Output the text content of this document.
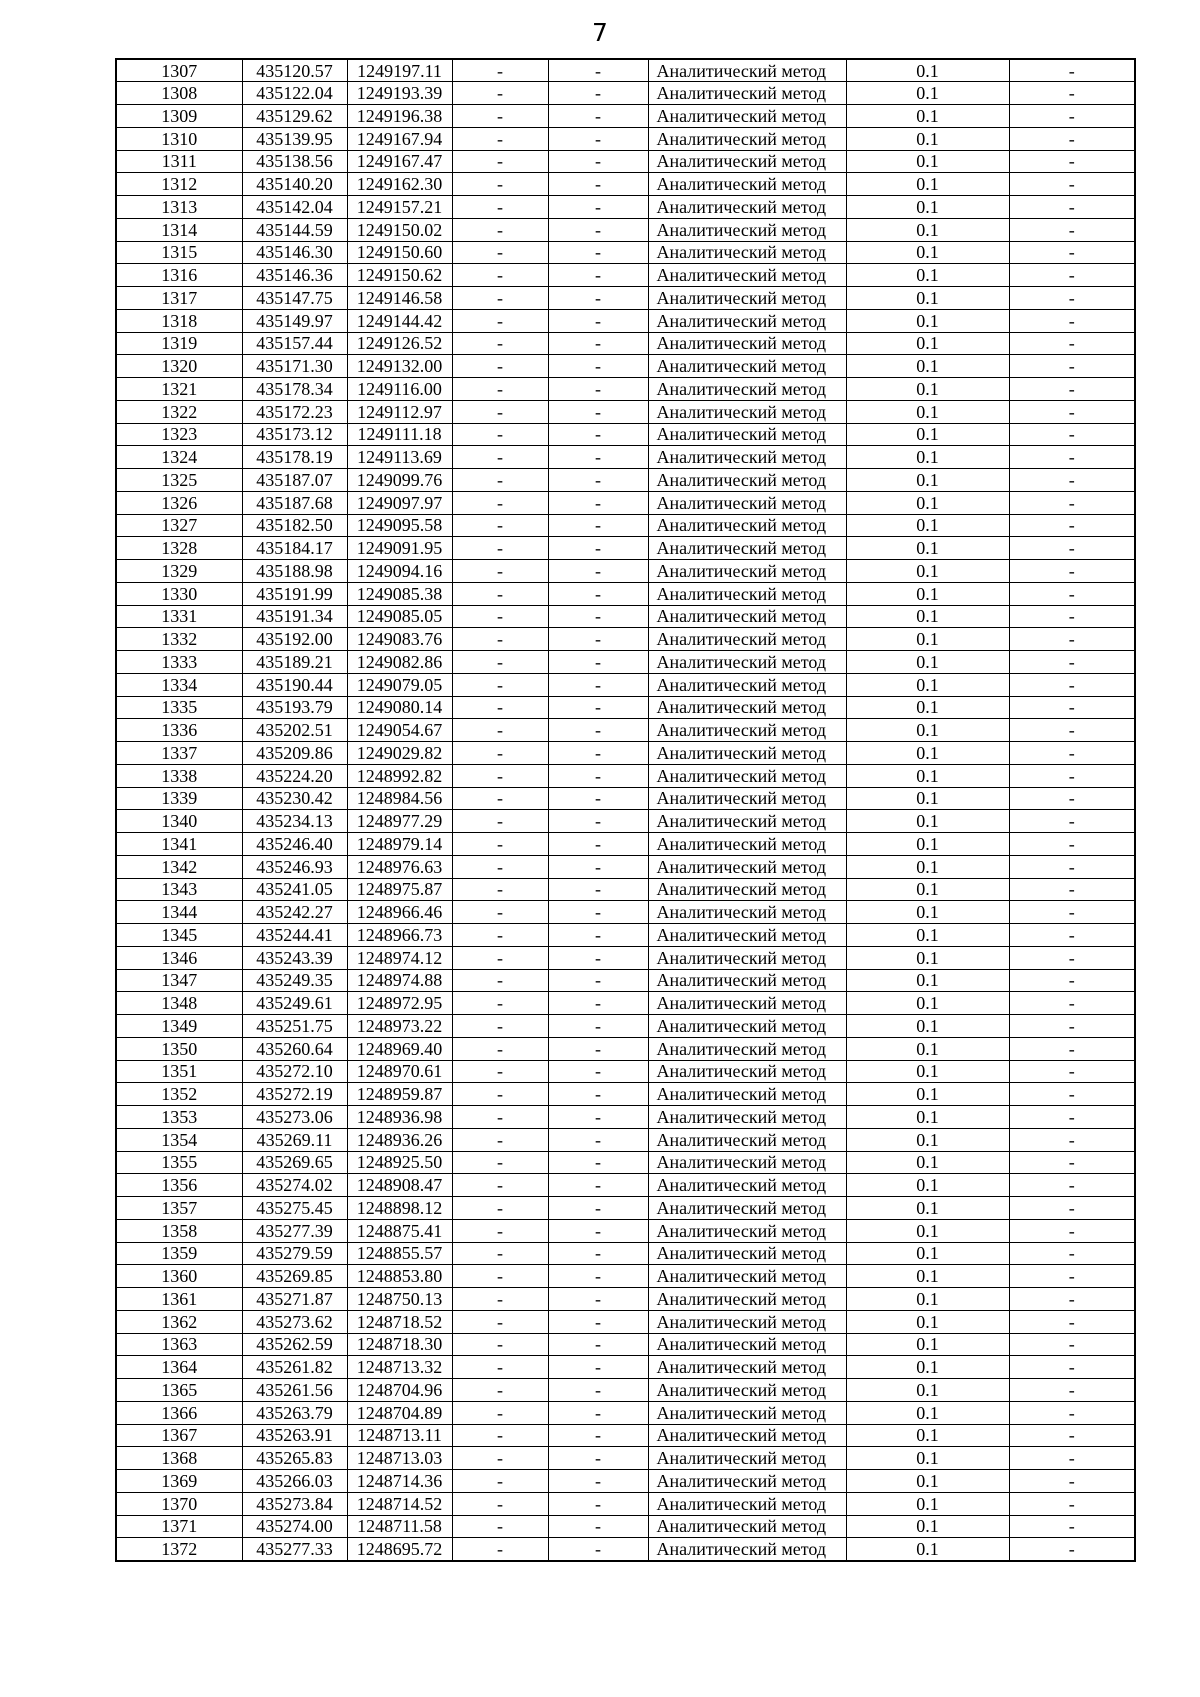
7
1307	435120.57	1249197.11	-	-	Аналитический метод	0.1	-
1308	435122.04	1249193.39	-	-	Аналитический метод	0.1	-
1309	435129.62	1249196.38	-	-	Аналитический метод	0.1	-
1310	435139.95	1249167.94	-	-	Аналитический метод	0.1	-
1311	435138.56	1249167.47	-	-	Аналитический метод	0.1	-
1312	435140.20	1249162.30	-	-	Аналитический метод	0.1	-
1313	435142.04	1249157.21	-	-	Аналитический метод	0.1	-
1314	435144.59	1249150.02	-	-	Аналитический метод	0.1	-
1315	435146.30	1249150.60	-	-	Аналитический метод	0.1	-
1316	435146.36	1249150.62	-	-	Аналитический метод	0.1	-
1317	435147.75	1249146.58	-	-	Аналитический метод	0.1	-
1318	435149.97	1249144.42	-	-	Аналитический метод	0.1	-
1319	435157.44	1249126.52	-	-	Аналитический метод	0.1	-
1320	435171.30	1249132.00	-	-	Аналитический метод	0.1	-
1321	435178.34	1249116.00	-	-	Аналитический метод	0.1	-
1322	435172.23	1249112.97	-	-	Аналитический метод	0.1	-
1323	435173.12	1249111.18	-	-	Аналитический метод	0.1	-
1324	435178.19	1249113.69	-	-	Аналитический метод	0.1	-
1325	435187.07	1249099.76	-	-	Аналитический метод	0.1	-
1326	435187.68	1249097.97	-	-	Аналитический метод	0.1	-
1327	435182.50	1249095.58	-	-	Аналитический метод	0.1	-
1328	435184.17	1249091.95	-	-	Аналитический метод	0.1	-
1329	435188.98	1249094.16	-	-	Аналитический метод	0.1	-
1330	435191.99	1249085.38	-	-	Аналитический метод	0.1	-
1331	435191.34	1249085.05	-	-	Аналитический метод	0.1	-
1332	435192.00	1249083.76	-	-	Аналитический метод	0.1	-
1333	435189.21	1249082.86	-	-	Аналитический метод	0.1	-
1334	435190.44	1249079.05	-	-	Аналитический метод	0.1	-
1335	435193.79	1249080.14	-	-	Аналитический метод	0.1	-
1336	435202.51	1249054.67	-	-	Аналитический метод	0.1	-
1337	435209.86	1249029.82	-	-	Аналитический метод	0.1	-
1338	435224.20	1248992.82	-	-	Аналитический метод	0.1	-
1339	435230.42	1248984.56	-	-	Аналитический метод	0.1	-
1340	435234.13	1248977.29	-	-	Аналитический метод	0.1	-
1341	435246.40	1248979.14	-	-	Аналитический метод	0.1	-
1342	435246.93	1248976.63	-	-	Аналитический метод	0.1	-
1343	435241.05	1248975.87	-	-	Аналитический метод	0.1	-
1344	435242.27	1248966.46	-	-	Аналитический метод	0.1	-
1345	435244.41	1248966.73	-	-	Аналитический метод	0.1	-
1346	435243.39	1248974.12	-	-	Аналитический метод	0.1	-
1347	435249.35	1248974.88	-	-	Аналитический метод	0.1	-
1348	435249.61	1248972.95	-	-	Аналитический метод	0.1	-
1349	435251.75	1248973.22	-	-	Аналитический метод	0.1	-
1350	435260.64	1248969.40	-	-	Аналитический метод	0.1	-
1351	435272.10	1248970.61	-	-	Аналитический метод	0.1	-
1352	435272.19	1248959.87	-	-	Аналитический метод	0.1	-
1353	435273.06	1248936.98	-	-	Аналитический метод	0.1	-
1354	435269.11	1248936.26	-	-	Аналитический метод	0.1	-
1355	435269.65	1248925.50	-	-	Аналитический метод	0.1	-
1356	435274.02	1248908.47	-	-	Аналитический метод	0.1	-
1357	435275.45	1248898.12	-	-	Аналитический метод	0.1	-
1358	435277.39	1248875.41	-	-	Аналитический метод	0.1	-
1359	435279.59	1248855.57	-	-	Аналитический метод	0.1	-
1360	435269.85	1248853.80	-	-	Аналитический метод	0.1	-
1361	435271.87	1248750.13	-	-	Аналитический метод	0.1	-
1362	435273.62	1248718.52	-	-	Аналитический метод	0.1	-
1363	435262.59	1248718.30	-	-	Аналитический метод	0.1	-
1364	435261.82	1248713.32	-	-	Аналитический метод	0.1	-
1365	435261.56	1248704.96	-	-	Аналитический метод	0.1	-
1366	435263.79	1248704.89	-	-	Аналитический метод	0.1	-
1367	435263.91	1248713.11	-	-	Аналитический метод	0.1	-
1368	435265.83	1248713.03	-	-	Аналитический метод	0.1	-
1369	435266.03	1248714.36	-	-	Аналитический метод	0.1	-
1370	435273.84	1248714.52	-	-	Аналитический метод	0.1	-
1371	435274.00	1248711.58	-	-	Аналитический метод	0.1	-
1372	435277.33	1248695.72	-	-	Аналитический метод	0.1	-
